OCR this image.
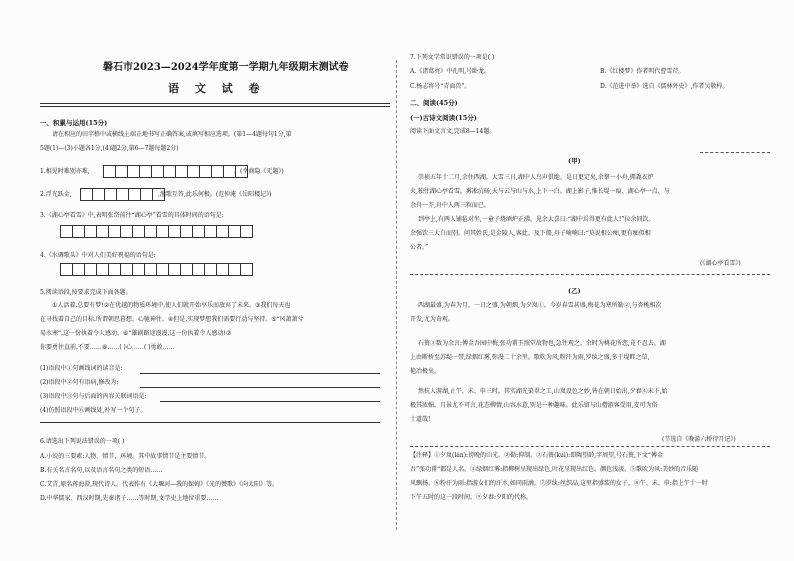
磐石市2023—2024学年度第一学期九年级期末测试卷
语 文 试 卷
一、积累与运用(15分)
请在相应的田字格中或横线上端正地书写正确答案,或填写相应选项。(第1—4题每句1分,第
5题(1)—(3)小题各1分,(4)题2分,第6—7题每题2分)
1.相见时难别亦难,	。(李商隐《无题》)
2.浮光跃金,	,渔歌互答,此乐何极。(范仲淹《岳阳楼记》)
3.《湖心亭看雪》中,表明张岱前往“湖心亭”看雪的具体时间的语句是:
4.《水调歌头》中对人们美好祝福的语句是:
5.阅读语段,按要求完成下面各题。
①人活着,总要有梦!②在优越的物质环境中,使人们就开始享乐而放弃了未来。③我们每天也
在寻找着自己的目标,所谓朝思暮想、心驰神往。④但是,实现梦想我们需要行动与坚持。⑤“风萧萧兮
易水寒”,这一份执着令人感动。⑥“雄剧路途漫漫,这一份执着令人感动!⑦
你要勇往直前,不要……⑧……( )心……( )勇敢……
(1)语段中①句画线词的读音是:
(2)语段中②句有语病,修改为:
(3)语段中③句与后面的内容关联词语是:
(4)仿照语段中⑥画线处,补写一个句子。
6.请选出下列说法错误的一项( )
A.小说的三要素:人物、情节、环境。其中故事情节是主要情节。
B.有关名言名句,以及语言名句之类的短语……
C.艾青,原名蒋海澄,现代诗人。代表作有《大堰河—我的保姆》《光的赞歌》《向太阳》等。
D.中华儒家、西汉时期,先秦诸子……等时期,文学史上地位重要……
7.下列文学常识错误的一项是( )
A.《诸葛亮》中孔明,号卧龙。	B.《红楼梦》作者明代曹雪芹。
C.杨志将号“青面兽”。	D.《范进中举》选自《儒林外史》,作者吴敬梓。
二、阅读(45分)
(一)古诗文阅读(15分)
阅读下面文言文,完成8—14题。
(甲)
崇祯五年十二月,余住西湖。大雪三日,湖中人鸟声俱绝。是日更定矣,余拏一小舟,拥毳衣炉
火,独往湖心亭看雪。雾凇沆砀,天与云与山与水,上下一白。湖上影子,惟长堤一痕、湖心亭一点、与
余舟一芥,舟中人两三粒而已。
到亭上,有两人铺毡对坐,一童子烧酒炉正沸。见余大喜曰:“湖中焉得更有此人!”拉余同饮。
余强饮三大白而别。问其姓氏,是金陵人,客此。及下船,舟子喃喃曰:“莫说相公痴,更有痴似相
公者。”
(《湖心亭看雪》)
(乙)
西湖最盛,为春为月。一日之盛,为朝烟,为夕岚①。今岁春雪甚盛,梅花为寒所勒②,与杏桃相次
开发,尤为奇观。
石篑③数为余言:傅金吾园中梅,张功甫玉照堂故物也,急往观之。余时为桃花所恋,竟不忍去。湖
上由断桥至苏堤一带,绿烟红雾,弥漫二十余里。歌吹为风,粉汗为雨,罗纨之盛,多于堤畔之草,
艳冶极矣。
然杭人游湖,止午、未、申三时。其实湖光染翠之工,山岚设色之妙,皆在朝日始出,夕舂④未下,始
极其浓媚。月景尤不可言,花态柳情,山容水意,别是一种趣味。此乐留与山僧游客受用,安可为俗
士道哉!
(节选自《晚游六桥待月记》)
【注释】①夕岚(lán):傍晚的山光。②勒:抑制。③石篑(kuì):即陶望龄,字周望,号石篑,下文“傅金
吾”张功甫“都是人名。④绿烟红雾:指柳树呈现出绿色,叶花呈现出红色。颜色浅淡。⑤歌吹为风:美妙的音乐随
风飘扬。⑥粉汗为雨:指游女们的汗水,如同雨滴。⑦罗纨:丝织品,这里指盛装的女子。⑧午、未、申:指上午十一时
下午五时的这一段时间。⑨夕舂:夕阳的代称。
